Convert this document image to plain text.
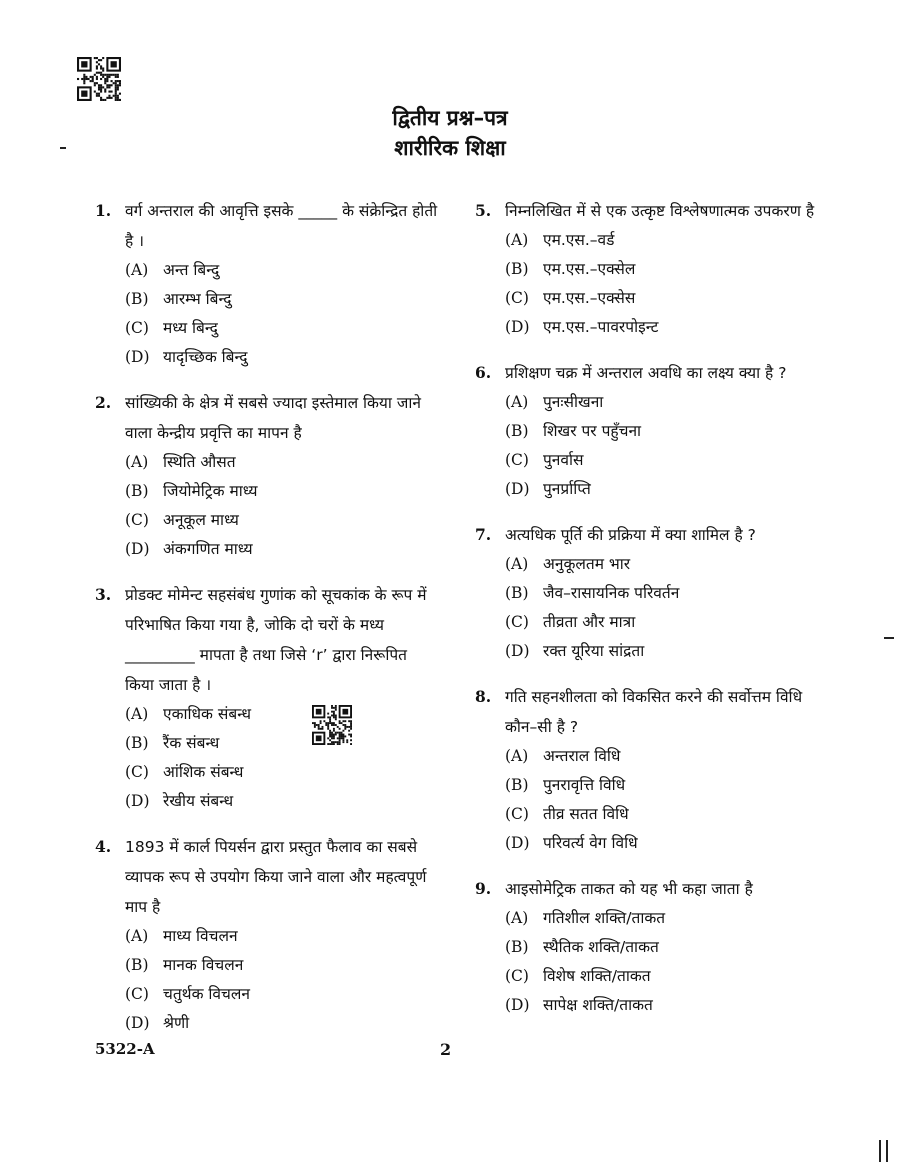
द्वितीय प्रश्न–पत्र
शारीरिक शिक्षा
1. वर्ग अन्तराल की आवृत्ति इसके _____ के संक्रेन्द्रित होती है ।
(A) अन्त बिन्दु
(B) आरम्भ बिन्दु
(C) मध्य बिन्दु
(D) यादृच्छिक बिन्दु
2. सांख्यिकी के क्षेत्र में सबसे ज्यादा इस्तेमाल किया जाने वाला केन्द्रीय प्रवृत्ति का मापन है
(A) स्थिति औसत
(B) जियोमेट्रिक माध्य
(C) अनूकूल माध्य
(D) अंकगणित माध्य
3. प्रोडक्ट मोमेन्ट सहसंबंध गुणांक को सूचकांक के रूप में परिभाषित किया गया है, जोकि दो चरों के मध्य _________ मापता है तथा जिसे ‘r’ द्वारा निरूपित किया जाता है ।
(A) एकाधिक संबन्ध
(B) रैंक संबन्ध
(C) आंशिक संबन्ध
(D) रेखीय संबन्ध
4. 1893 में कार्ल पियर्सन द्वारा प्रस्तुत फैलाव का सबसे व्यापक रूप से उपयोग किया जाने वाला और महत्वपूर्ण माप है
(A) माध्य विचलन
(B) मानक विचलन
(C) चतुर्थक विचलन
(D) श्रेणी
5. निम्नलिखित में से एक उत्कृष्ट विश्लेषणात्मक उपकरण है
(A) एम.एस.–वर्ड
(B) एम.एस.–एक्सेल
(C) एम.एस.–एक्सेस
(D) एम.एस.–पावरपोइन्ट
6. प्रशिक्षण चक्र में अन्तराल अवधि का लक्ष्य क्या है ?
(A) पुनःसीखना
(B) शिखर पर पहुँचना
(C) पुनर्वास
(D) पुनर्प्राप्ति
7. अत्यधिक पूर्ति की प्रक्रिया में क्या शामिल है ?
(A) अनुकूलतम भार
(B) जैव–रासायनिक परिवर्तन
(C) तीव्रता और मात्रा
(D) रक्त यूरिया सांद्रता
8. गति सहनशीलता को विकसित करने की सर्वोत्तम विधि कौन–सी है ?
(A) अन्तराल विधि
(B) पुनरावृत्ति विधि
(C) तीव्र सतत विधि
(D) परिवर्त्य वेग विधि
9. आइसोमेट्रिक ताकत को यह भी कहा जाता है
(A) गतिशील शक्ति/ताकत
(B) स्थैतिक शक्ति/ताकत
(C) विशेष शक्ति/ताकत
(D) सापेक्ष शक्ति/ताकत
5322-A	2
